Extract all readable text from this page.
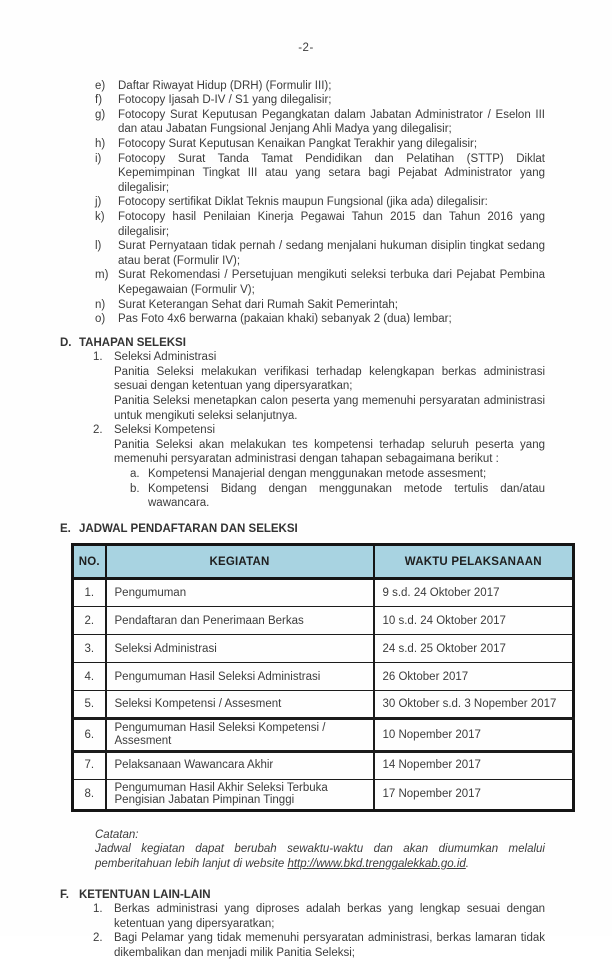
-2-
e)	Daftar Riwayat Hidup (DRH) (Formulir III);
f)	Fotocopy Ijasah D-IV / S1 yang dilegalisir;
g)	Fotocopy Surat Keputusan Pegangkatan dalam Jabatan Administrator / Eselon III dan atau Jabatan Fungsional Jenjang Ahli Madya yang dilegalisir;
h)	Fotocopy Surat Keputusan Kenaikan Pangkat Terakhir yang dilegalisir;
i)	Fotocopy Surat Tanda Tamat Pendidikan dan Pelatihan (STTP) Diklat Kepemimpinan Tingkat III atau yang setara bagi Pejabat Administrator yang dilegalisir;
j)	Fotocopy sertifikat Diklat Teknis maupun Fungsional (jika ada) dilegalisir:
k)	Fotocopy hasil Penilaian Kinerja Pegawai Tahun 2015 dan Tahun 2016 yang dilegalisir;
l)	Surat Pernyataan tidak pernah / sedang menjalani hukuman disiplin tingkat sedang atau berat (Formulir IV);
m) Surat Rekomendasi / Persetujuan mengikuti seleksi terbuka dari Pejabat Pembina Kepegawaian (Formulir V);
n)	Surat Keterangan Sehat dari Rumah Sakit Pemerintah;
o)	Pas Foto 4x6 berwarna (pakaian khaki) sebanyak 2 (dua) lembar;
D. TAHAPAN SELEKSI
1. Seleksi Administrasi
Panitia Seleksi melakukan verifikasi terhadap kelengkapan berkas administrasi sesuai dengan ketentuan yang dipersyaratkan;
Panitia Seleksi menetapkan calon peserta yang memenuhi persyaratan administrasi untuk mengikuti seleksi selanjutnya.
2. Seleksi Kompetensi
Panitia Seleksi akan melakukan tes kompetensi terhadap seluruh peserta yang memenuhi persyaratan administrasi dengan tahapan sebagaimana berikut :
a. Kompetensi Manajerial dengan menggunakan metode assesment;
b. Kompetensi Bidang dengan menggunakan metode tertulis dan/atau wawancara.
E. JADWAL PENDAFTARAN DAN SELEKSI
NO.	KEGIATAN	WAKTU PELAKSANAAN
1.	Pengumuman	9 s.d. 24 Oktober 2017
2.	Pendaftaran dan Penerimaan Berkas	10 s.d. 24 Oktober 2017
3.	Seleksi Administrasi	24 s.d. 25 Oktober 2017
4.	Pengumuman Hasil Seleksi Administrasi	26 Oktober 2017
5.	Seleksi Kompetensi / Assesment	30 Oktober s.d. 3 Nopember 2017
6.	Pengumuman Hasil Seleksi Kompetensi / Assesment	10 Nopember 2017
7.	Pelaksanaan Wawancara Akhir	14 Nopember 2017
8.	Pengumuman Hasil Akhir Seleksi Terbuka Pengisian Jabatan Pimpinan Tinggi	17 Nopember 2017
Catatan:
Jadwal kegiatan dapat berubah sewaktu-waktu dan akan diumumkan melalui pemberitahuan lebih lanjut di website http://www.bkd.trenggalekkab.go.id.
F. KETENTUAN LAIN-LAIN
1. Berkas administrasi yang diproses adalah berkas yang lengkap sesuai dengan ketentuan yang dipersyaratkan;
2. Bagi Pelamar yang tidak memenuhi persyaratan administrasi, berkas lamaran tidak dikembalikan dan menjadi milik Panitia Seleksi;
